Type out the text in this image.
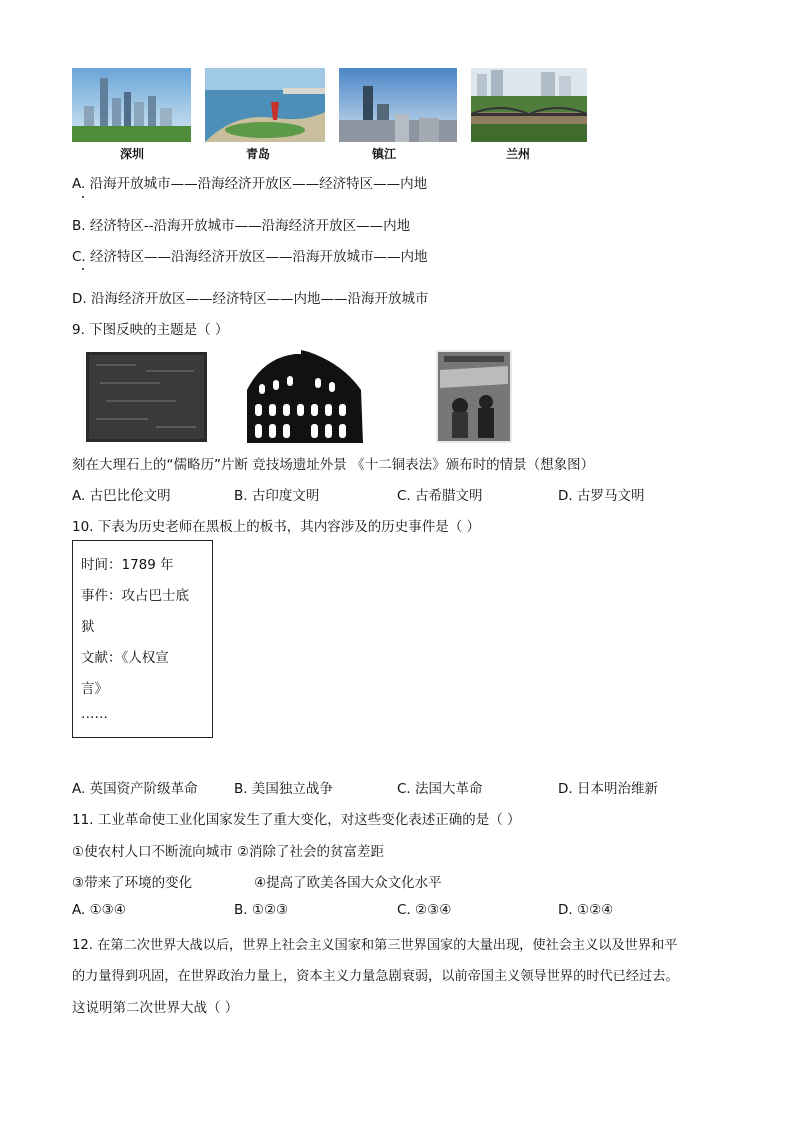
深圳	青岛	镇江	兰州
A. 沿海开放城市——沿海经济开放区——经济特区——内地
B. 经济特区--沿海开放城市——沿海经济开放区——内地
C. 经济特区——沿海经济开放区——沿海开放城市——内地
D. 沿海经济开放区——经济特区——内地——沿海开放城市
9. 下图反映的主题是（ ）
刻在大理石上的“儒略历”片断 竞技场遗址外景 《十二铜表法》颁布时的情景（想象图）
A. 古巴比伦文明	B. 古印度文明	C. 古希腊文明	D. 古罗马文明
10. 下表为历史老师在黑板上的板书，其内容涉及的历史事件是（ ）
时间：1789 年
事件：攻占巴士底
狱
文献：《人权宣
言》
……
A. 英国资产阶级革命	B. 美国独立战争	C. 法国大革命	D. 日本明治维新
11. 工业革命使工业化国家发生了重大变化，对这些变化表述正确的是（ ）
①使农村人口不断流向城市 ②消除了社会的贫富差距
③带来了环境的变化	④提高了欧美各国大众文化水平
A. ①③④	B. ①②③	C. ②③④	D. ①②④
12. 在第二次世界大战以后，世界上社会主义国家和第三世界国家的大量出现，使社会主义以及世界和平
的力量得到巩固，在世界政治力量上，资本主义力量急剧衰弱，以前帝国主义领导世界的时代已经过去。
这说明第二次世界大战（ ）
